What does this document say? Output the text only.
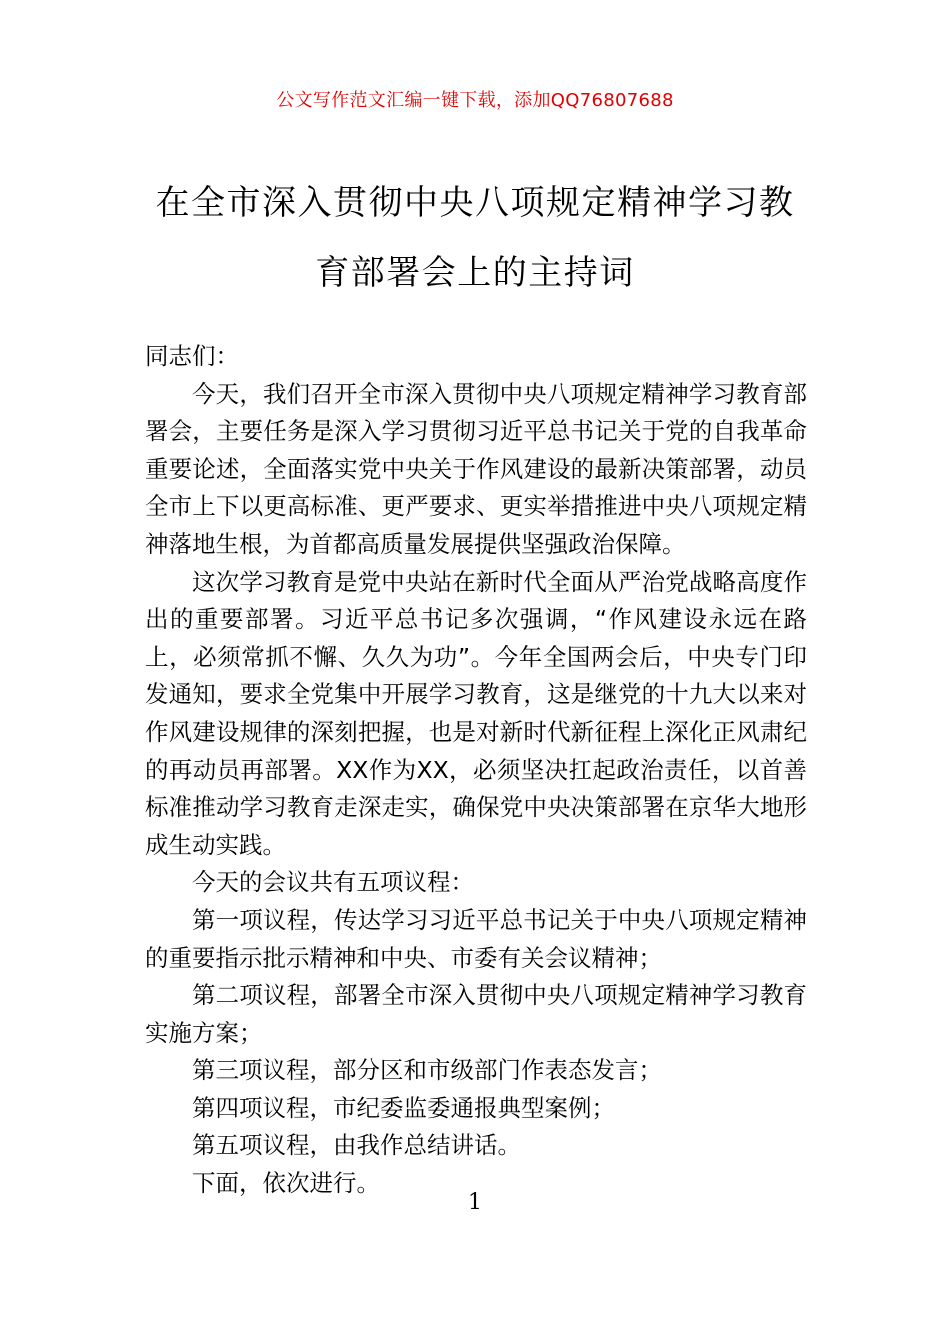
公文写作范文汇编一键下载，添加QQ76807688
在全市深入贯彻中央八项规定精神学习教
育部署会上的主持词

同志们：

今天，我们召开全市深入贯彻中央八项规定精神学习教育部署会，主要任务是深入学习贯彻习近平总书记关于党的自我革命重要论述，全面落实党中央关于作风建设的最新决策部署，动员全市上下以更高标准、更严要求、更实举措推进中央八项规定精神落地生根，为首都高质量发展提供坚强政治保障。

这次学习教育是党中央站在新时代全面从严治党战略高度作出的重要部署。习近平总书记多次强调，“作风建设永远在路上，必须常抓不懈、久久为功”。今年全国两会后，中央专门印发通知，要求全党集中开展学习教育，这是继党的十九大以来对作风建设规律的深刻把握，也是对新时代新征程上深化正风肃纪的再动员再部署。XX作为XX，必须坚决扛起政治责任，以首善标准推动学习教育走深走实，确保党中央决策部署在京华大地形成生动实践。

今天的会议共有五项议程：

第一项议程，传达学习习近平总书记关于中央八项规定精神的重要指示批示精神和中央、市委有关会议精神；

第二项议程，部署全市深入贯彻中央八项规定精神学习教育实施方案；

第三项议程，部分区和市级部门作表态发言；

第四项议程，市纪委监委通报典型案例；

第五项议程，由我作总结讲话。

下面，依次进行。

1
